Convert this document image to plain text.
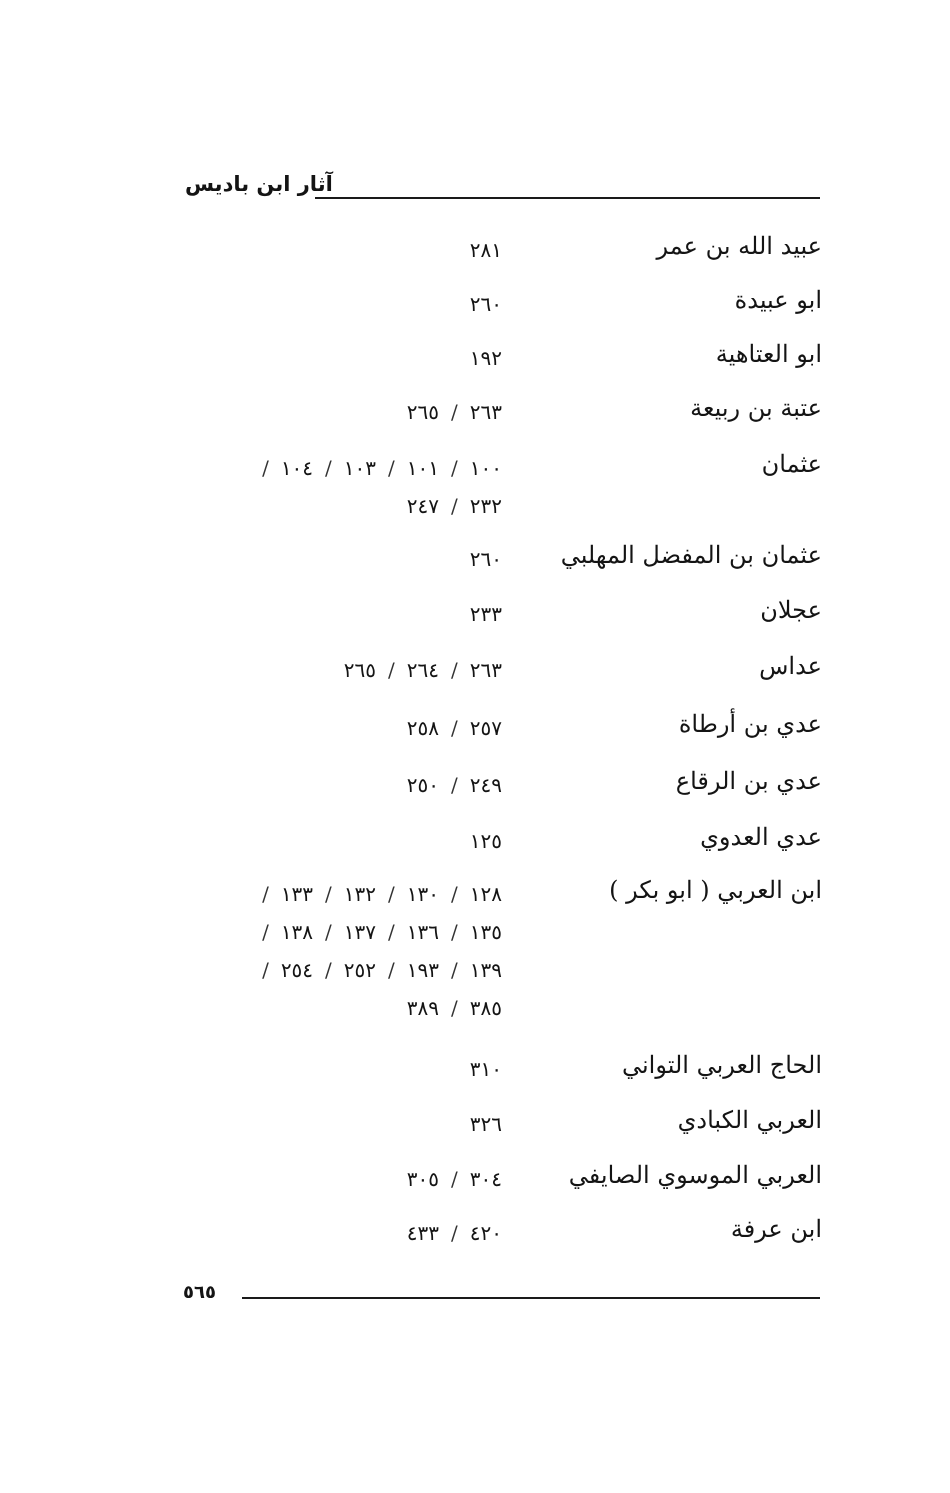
آثار ابن باديس
عبيد الله بن عمر
٢٨١
ابو عبيدة
٢٦٠
ابو العتاهية
١٩٢
عتبة بن ربيعة
٢٦٣/٢٦٥
عثمان
١٠٠/١٠١/١٠٣/١٠٤/
٢٣٢/٢٤٧
عثمان بن المفضل المهلبي
٢٦٠
عجلان
٢٣٣
عداس
٢٦٣/٢٦٤/٢٦٥
عدي بن أرطاة
٢٥٧/٢٥٨
عدي بن الرقاع
٢٤٩/٢٥٠
عدي العدوي
١٢٥
ابن العربي ( ابو بكر )
١٢٨/١٣٠/١٣٢/١٣٣/
١٣٥/١٣٦/١٣٧/١٣٨/
١٣٩/١٩٣/٢٥٢/٢٥٤/
٣٨٥/٣٨٩
الحاج العربي التواني
٣١٠
العربي الكبادي
٣٢٦
العربي الموسوي الصايفي
٣٠٤/٣٠٥
ابن عرفة
٤٢٠/٤٣٣
٥٦٥
